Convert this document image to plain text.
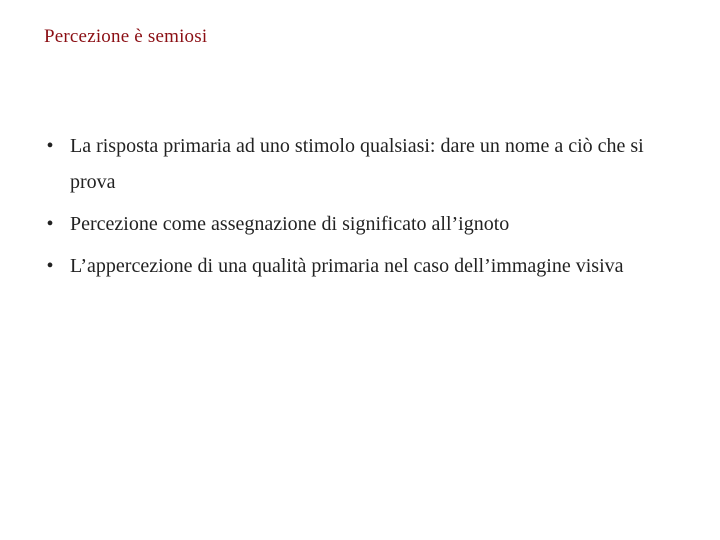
Percezione è semiosi
• La risposta primaria ad uno stimolo qualsiasi: dare un nome a ciò che si prova
• Percezione come assegnazione di significato all’ignoto
• L’appercezione di una qualità primaria nel caso dell’immagine visiva
